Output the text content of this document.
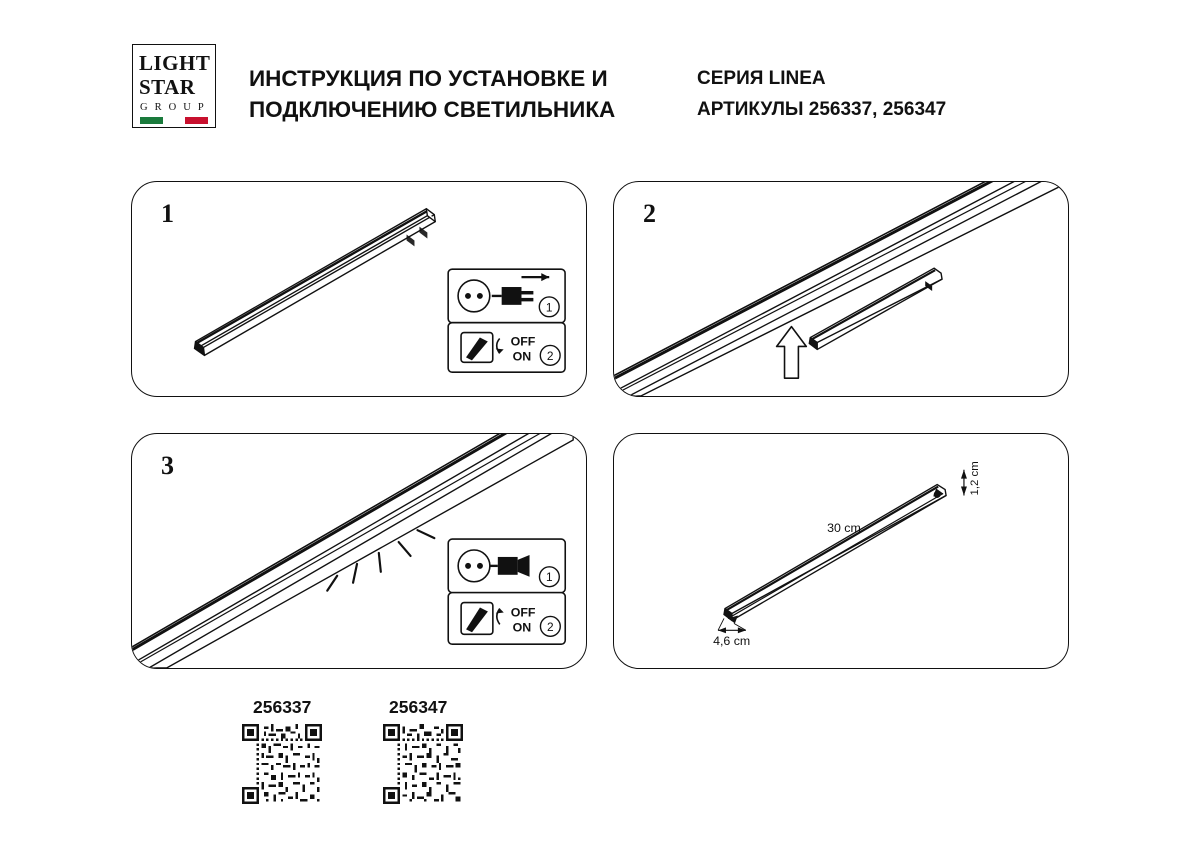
LIGHT
STAR
G R O U P
ИНСТРУКЦИЯ ПО УСТАНОВКЕ И
ПОДКЛЮЧЕНИЮ СВЕТИЛЬНИКА
СЕРИЯ LINEA
АРТИКУЛЫ 256337, 256347
1
1
OFF
ON 2
2
3
1
OFF
ON 2
30 cm
1,2 cm
4,6 cm
256337	256347
